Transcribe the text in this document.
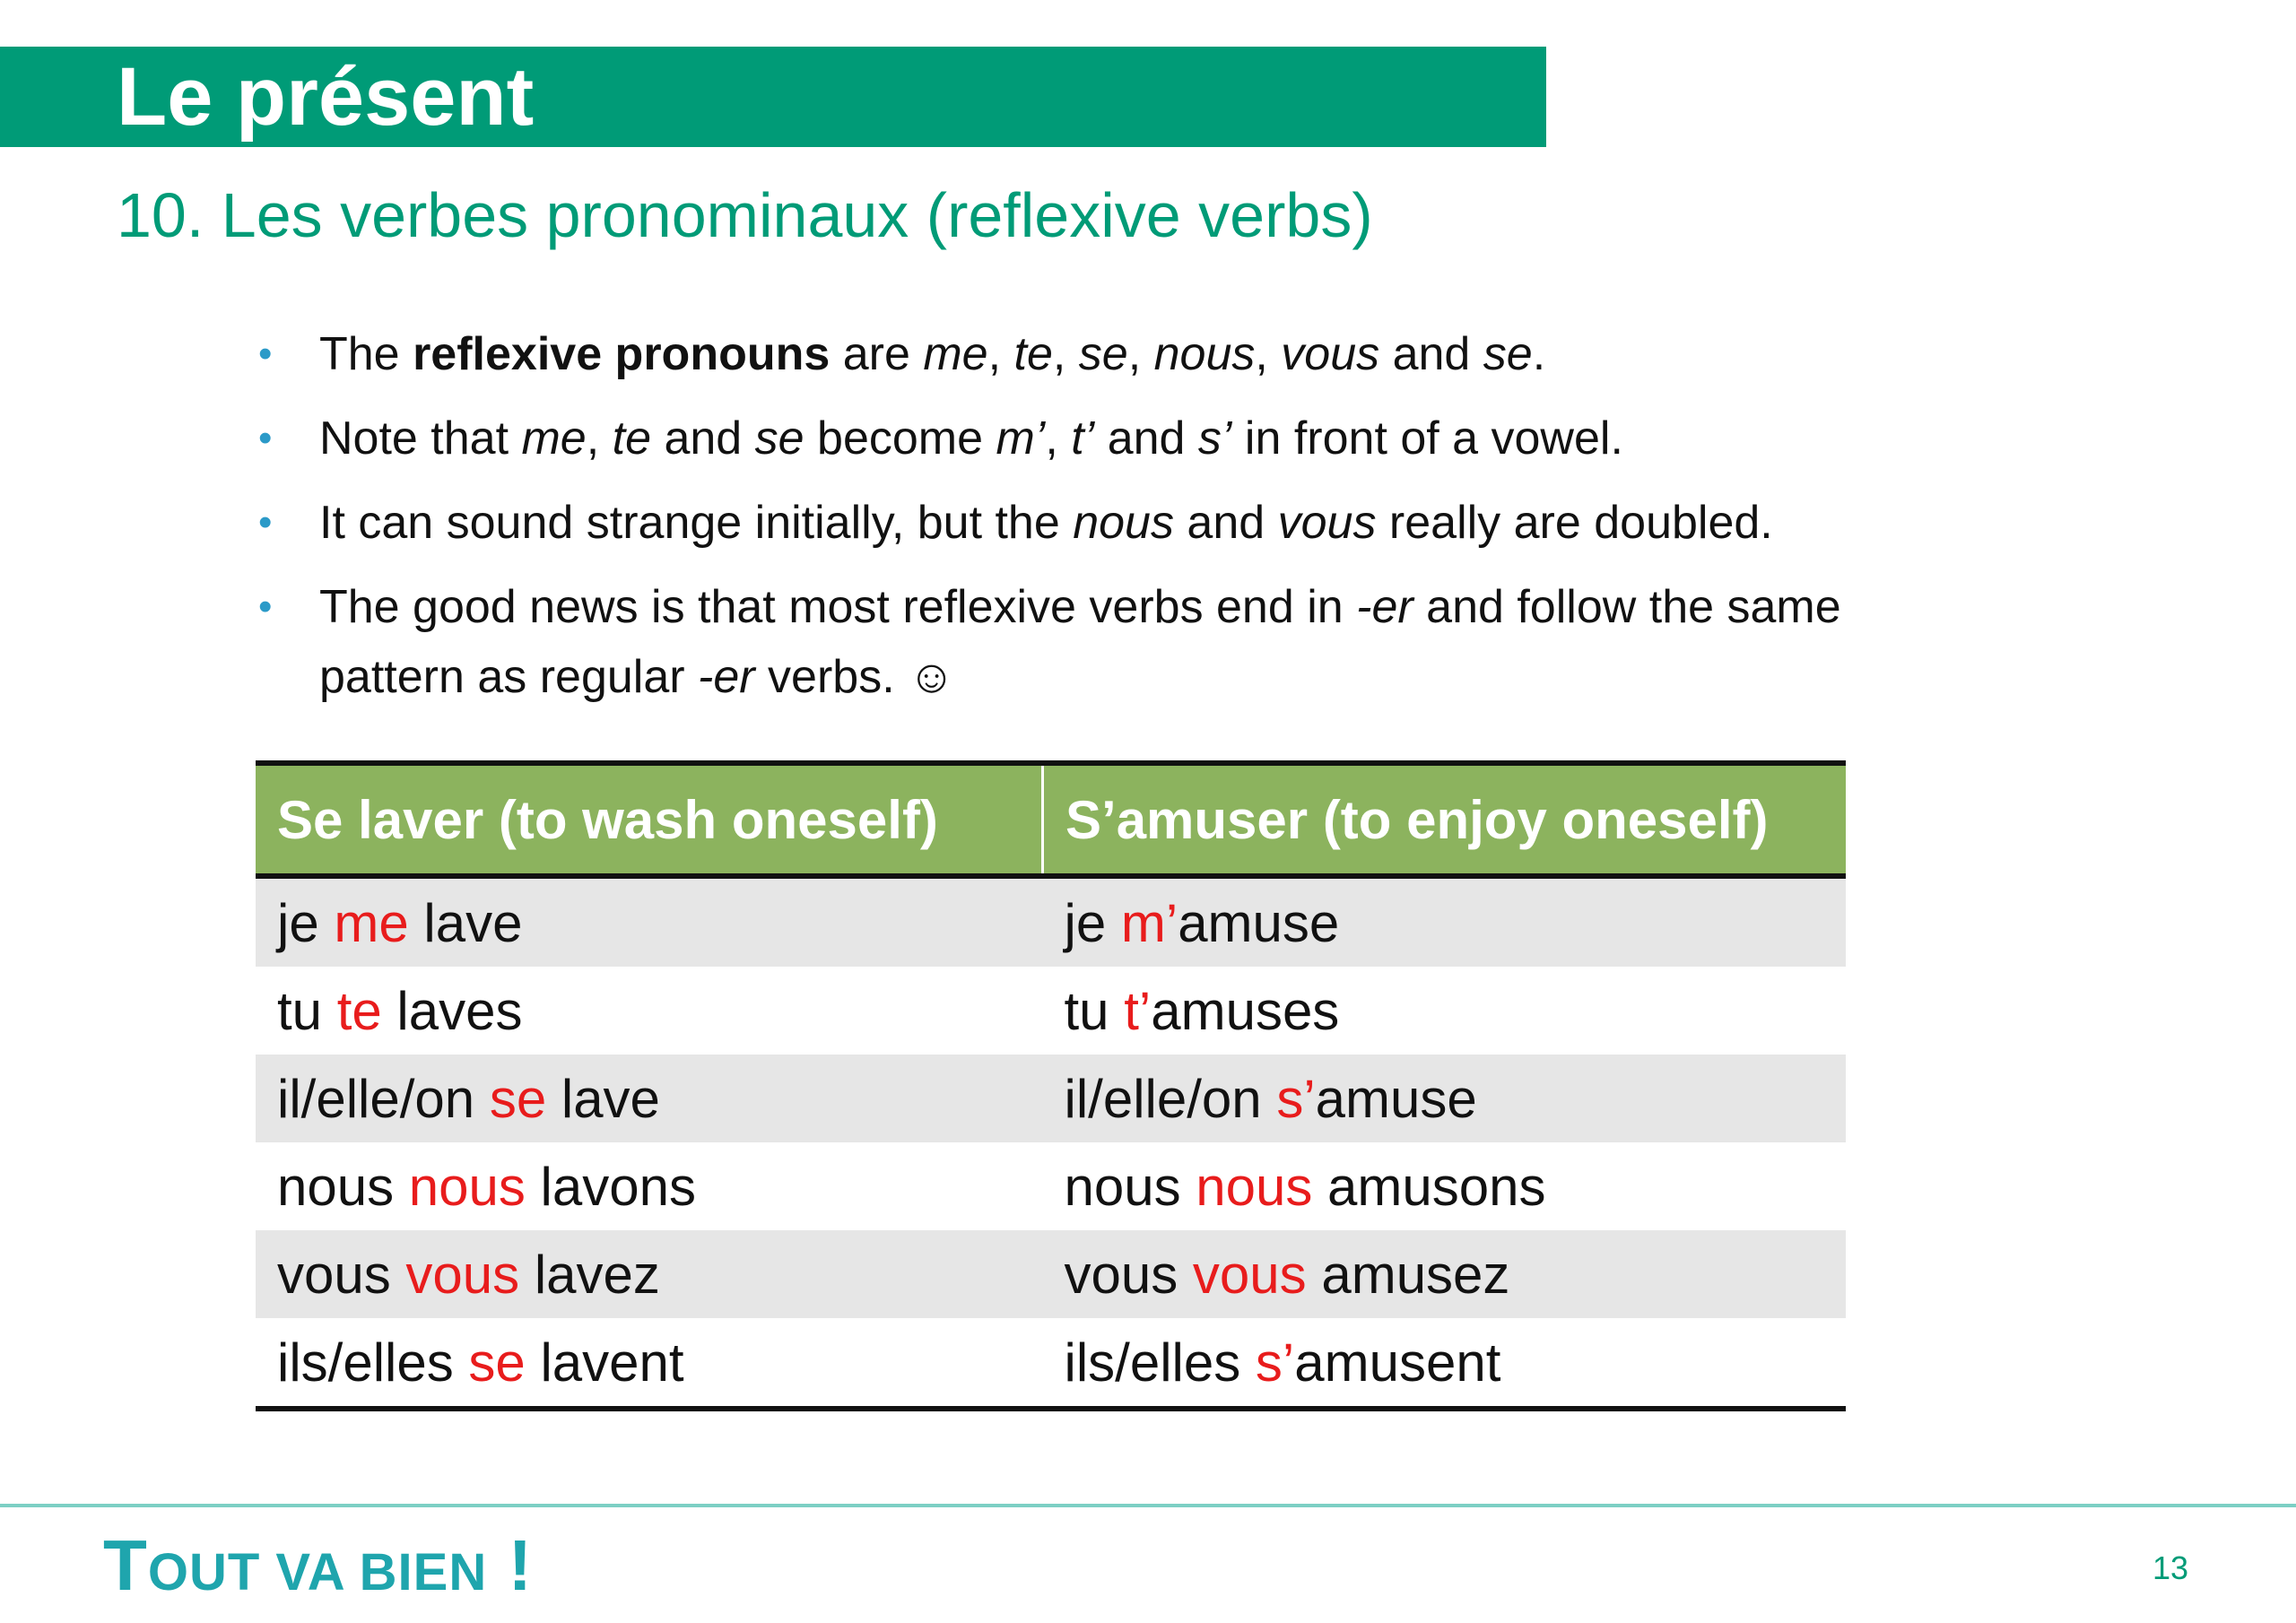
Le présent
10. Les verbes pronominaux (reflexive verbs)
• The reflexive pronouns are me, te, se, nous, vous and se.
• Note that me, te and se become m’, t’ and s’ in front of a vowel.
• It can sound strange initially, but the nous and vous really are doubled.
• The good news is that most reflexive verbs end in -er and follow the same pattern as regular -er verbs. ☺
Se laver (to wash oneself)	S’amuser (to enjoy oneself)
je me lave	je m’amuse
tu te laves	tu t’amuses
il/elle/on se lave	il/elle/on s’amuse
nous nous lavons	nous nous amusons
vous vous lavez	vous vous amusez
ils/elles se lavent	ils/elles s’amusent
TOUT VA BIEN !	13
